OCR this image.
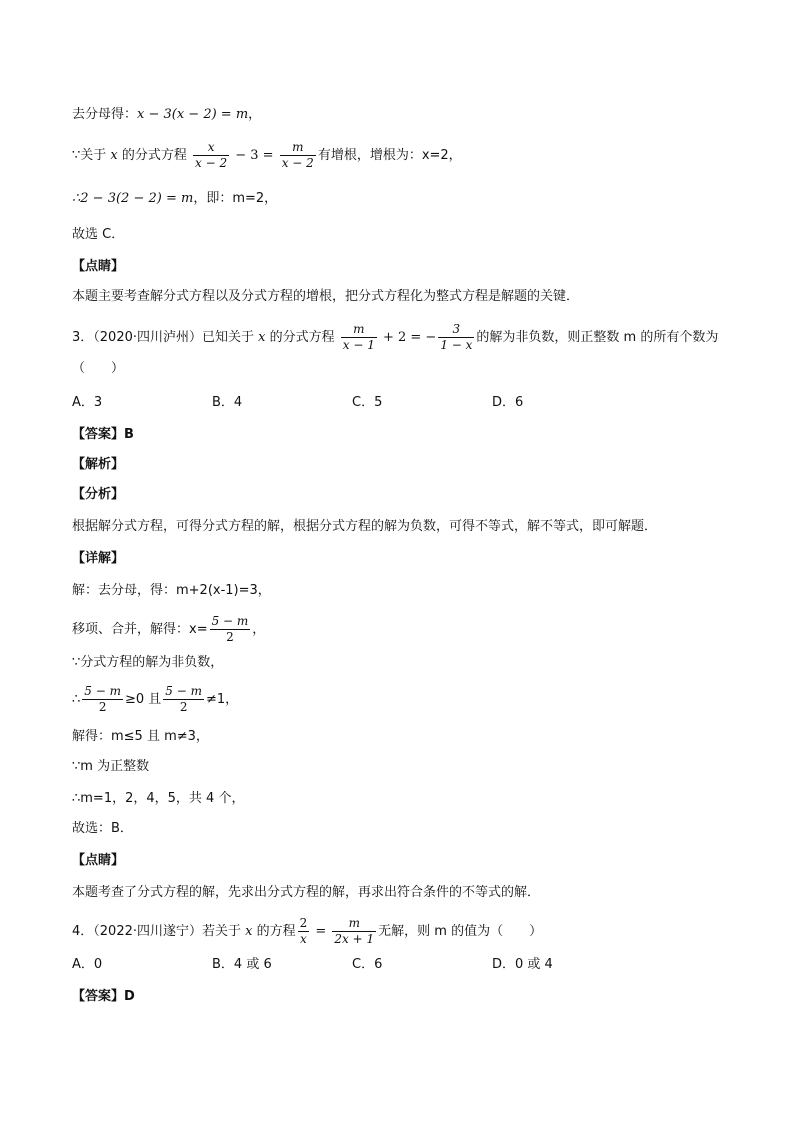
去分母得：x − 3(x − 2) = m，
∵关于 x 的分式方程 $\frac{x}{x - 2} - 3 = \frac{m}{x - 2}$ 有增根，增根为：x=2，
∴2 − 3(2 − 2) = m，即：m=2，
故选 C．
【点睛】
本题主要考查解分式方程以及分式方程的增根，把分式方程化为整式方程是解题的关键．
3．（2020·四川泸州）已知关于 x 的分式方程 $\frac{m}{x - 1} + 2$ = − $\frac{3}{1 - x}$ 的解为非负数，则正整数 m 的所有个数为
（　　）
A．3	B．4	C．5	D．6
【答案】B
【解析】
【分析】
根据解分式方程，可得分式方程的解，根据分式方程的解为负数，可得不等式，解不等式，即可解题．
【详解】
解：去分母，得：m+2(x-1)=3，
移项、合并，解得：$x= \frac{5 - m}{2}$ ，
∵分式方程的解为非负数，
∴ $\frac{5 - m}{2} \ge 0$ 且 $\frac{5 - m}{2} \ne 1$，
解得：m≤5 且 m≠3，
∵m 为正整数
∴m=1，2，4，5，共 4 个，
故选：B．
【点睛】
本题考查了分式方程的解，先求出分式方程的解，再求出符合条件的不等式的解．
4．（2022·四川遂宁）若关于 x 的方程 $\frac{2}{x} = \frac{m}{2x + 1}$ 无解，则 m 的值为（　　）
A．0	B．4 或 6	C．6	D．0 或 4
【答案】D
